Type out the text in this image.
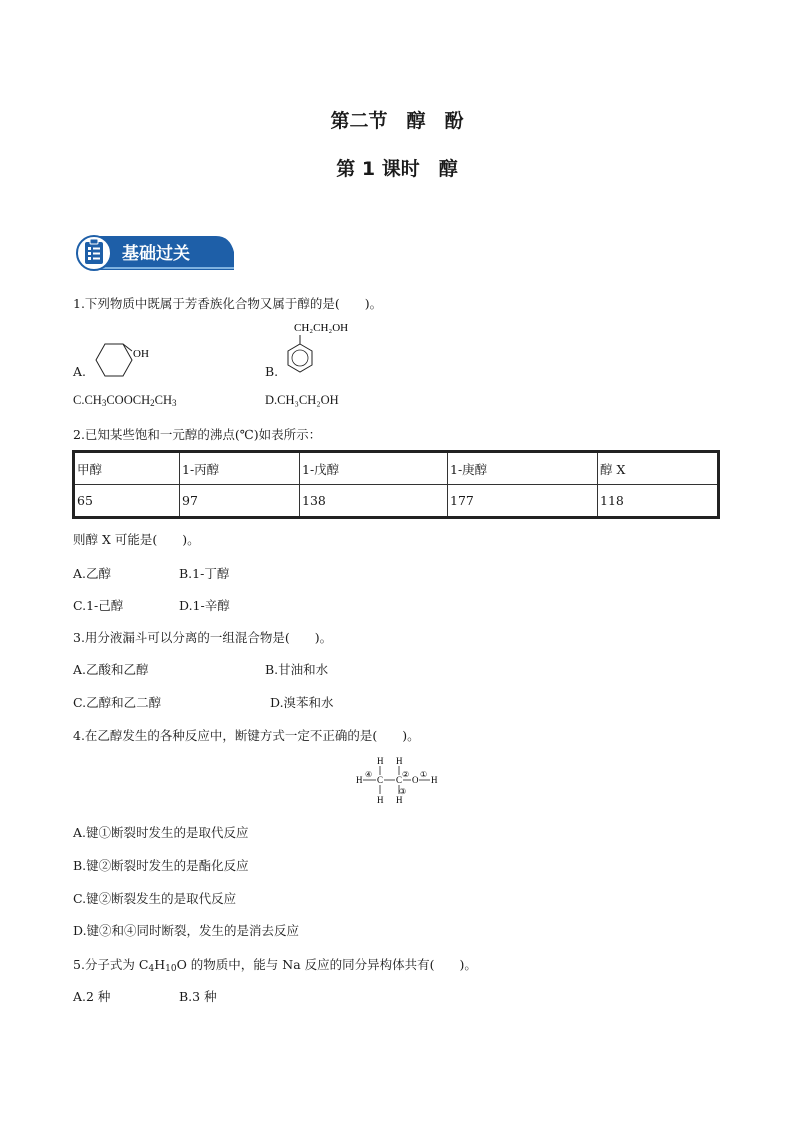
第二节　醇　酚
第 1 课时　醇
基础过关
1.下列物质中既属于芳香族化合物又属于醇的是(　　)。
A.
OH
B.
CH₂CH₂OH
$C.CH_3COOCH_2CH_3$	D.CH₃CH₂OH
2.已知某些饱和一元醇的沸点(℃)如表所示：
甲醇	1-丙醇	1-戊醇	1-庚醇	醇 X
65	97	138	177	118
则醇 X 可能是(　　)。
A.乙醇	B.1-丁醇
C.1-己醇	D.1-辛醇
3.用分液漏斗可以分离的一组混合物是(　　)。
A.乙酸和乙醇	B.甘油和水
C.乙醇和乙二醇	D.溴苯和水
4.在乙醇发生的各种反应中，断键方式一定不正确的是(　　)。
H H
H C C O H
H H
④	② ①
③
A.键①断裂时发生的是取代反应
B.键②断裂时发生的是酯化反应
C.键②断裂发生的是取代反应
D.键②和④同时断裂，发生的是消去反应
5.分子式为 $C_4H_{10}O$ 的物质中，能与 Na 反应的同分异构体共有(　　)。
A.2 种	B.3 种
